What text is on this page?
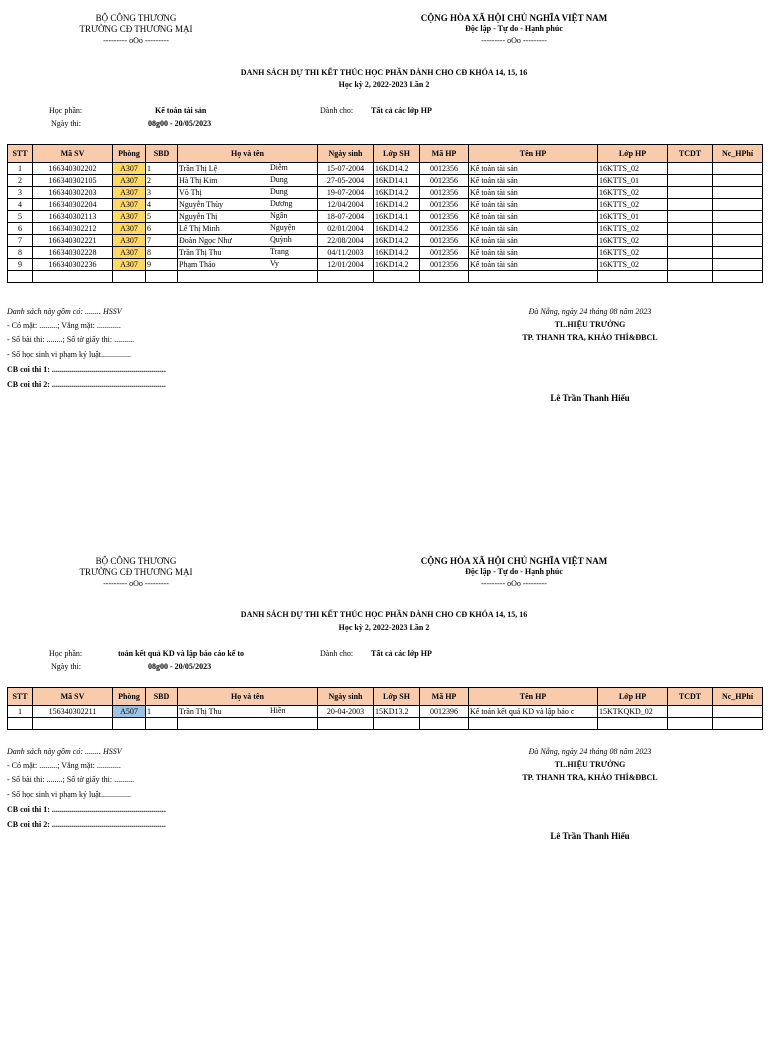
BỘ CÔNG THƯƠNG
TRƯỜNG CĐ THƯƠNG MẠI
--------- oOo ---------
CỘNG HÒA XÃ HỘI CHỦ NGHĨA VIỆT NAM
Độc lập - Tự do - Hạnh phúc
--------- oOo ---------
DANH SÁCH DỰ THI KẾT THÚC HỌC PHẦN DÀNH CHO CĐ KHÓA 14, 15, 16
Học kỳ 2, 2022-2023 Lần 2
Học phần:	Kế toán tài sản	Dành cho: Tất cả các lớp HP
Ngày thi:	08g00 - 20/05/2023
STT	Mã SV	Phòng	SBD	Họ và tên	Ngày sinh	Lớp SH	Mã HP	Tên HP	Lớp HP	TCDT	Nc_HPhí
1	166340302202	A307	1	Trần Thị Lệ Diễm	15-07-2004	16KD14.2	0012356	Kế toán tài sản	16KTTS_02		
2	166340302105	A307	2	Hà Thị Kim Dung	27-05-2004	16KD14.1	0012356	Kế toán tài sản	16KTTS_01		
3	166340302203	A307	3	Võ Thị Dung	19-07-2004	16KD14.2	0012356	Kế toán tài sản	16KTTS_02		
4	166340302204	A307	4	Nguyễn Thùy Dương	12/04/2004	16KD14.2	0012356	Kế toán tài sản	16KTTS_02		
5	166340302113	A307	5	Nguyễn Thị Ngân	18-07-2004	16KD14.1	0012356	Kế toán tài sản	16KTTS_01		
6	166340302212	A307	6	Lê Thị Minh Nguyện	02/01/2004	16KD14.2	0012356	Kế toán tài sản	16KTTS_02		
7	166340302221	A307	7	Đoàn Ngọc Như Quỳnh	22/08/2004	16KD14.2	0012356	Kế toán tài sản	16KTTS_02		
8	166340302228	A307	8	Trần Thị Thu Trang	04/11/2003	16KD14.2	0012356	Kế toán tài sản	16KTTS_02		
9	166340302236	A307	9	Phạm Thảo Vy	12/01/2004	16KD14.2	0012356	Kế toán tài sản	16KTTS_02		

Danh sách này gồm có: ........ HSSV
- Có mặt: .........; Vắng mặt: ............
- Số bài thi: ........; Số tờ giấy thi: ..........
- Số học sinh vi phạm kỷ luật...............
CB coi thi 1: .........................................................
CB coi thi 2: .........................................................
Đà Nẵng, ngày 24 tháng 08 năm 2023
TL.HIỆU TRƯỞNG
TP. THANH TRA, KHẢO THÍ&ĐBCL
Lê Trần Thanh Hiếu
BỘ CÔNG THƯƠNG
TRƯỜNG CĐ THƯƠNG MẠI
--------- oOo ---------
CỘNG HÒA XÃ HỘI CHỦ NGHĨA VIỆT NAM
Độc lập - Tự do - Hạnh phúc
--------- oOo ---------
DANH SÁCH DỰ THI KẾT THÚC HỌC PHẦN DÀNH CHO CĐ KHÓA 14, 15, 16
Học kỳ 2, 2022-2023 Lần 2
Học phần:	toán kết quả KD và lập báo cáo kế to	Dành cho: Tất cả các lớp HP
Ngày thi:	08g00 - 20/05/2023
STT	Mã SV	Phòng	SBD	Họ và tên	Ngày sinh	Lớp SH	Mã HP	Tên HP	Lớp HP	TCDT	Nc_HPhí
1	156340302211	A507	1	Trần Thị Thu Hiền	20-04-2003	15KD13.2	0012396	Kế toán kết quả KD và lập báo c	15KTKQKD_02		

Danh sách này gồm có: ........ HSSV
- Có mặt: .........; Vắng mặt: ............
- Số bài thi: ........; Số tờ giấy thi: ..........
- Số học sinh vi phạm kỷ luật...............
CB coi thi 1: .........................................................
CB coi thi 2: .........................................................
Đà Nẵng, ngày 24 tháng 08 năm 2023
TL.HIỆU TRƯỞNG
TP. THANH TRA, KHẢO THÍ&ĐBCL
Lê Trần Thanh Hiếu
